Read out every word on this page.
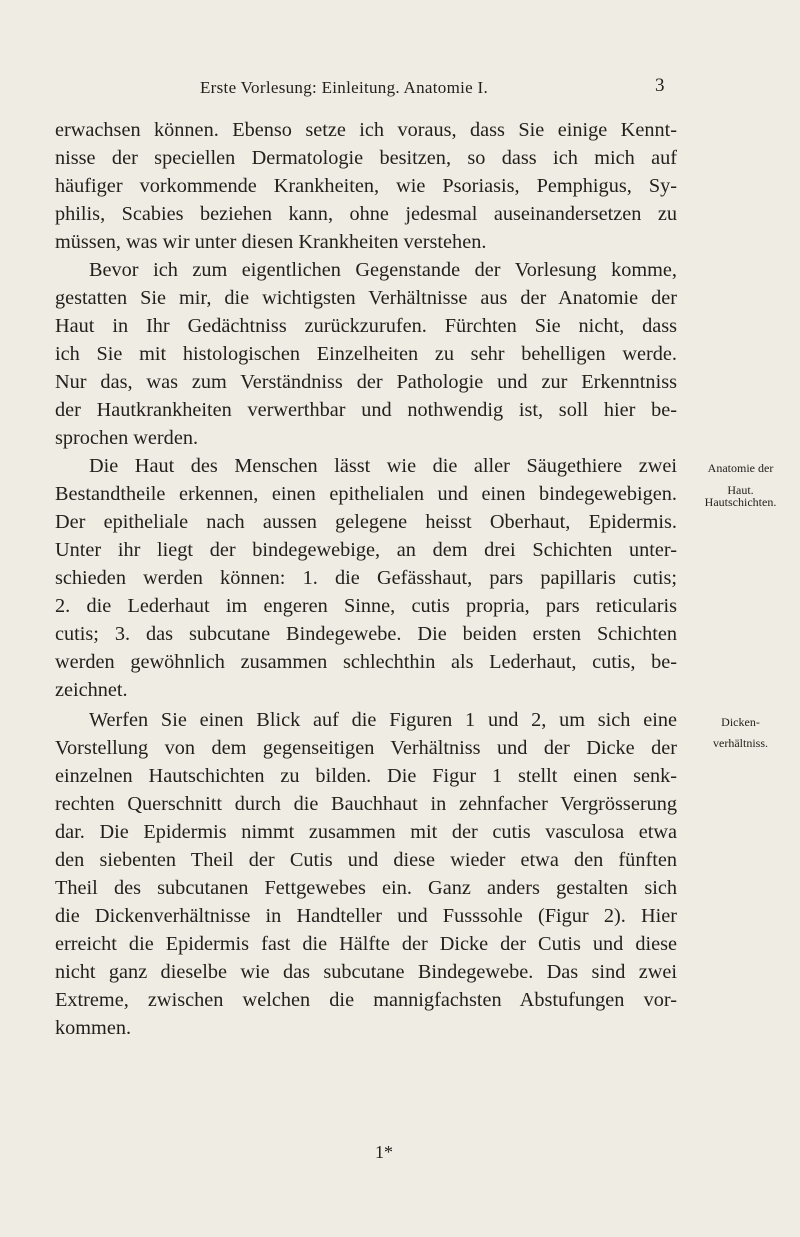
Erste Vorlesung: Einleitung. Anatomie I.	3
erwachsen können. Ebenso setze ich voraus, dass Sie einige Kennt-
nisse der speciellen Dermatologie besitzen, so dass ich mich auf
häufiger vorkommende Krankheiten, wie Psoriasis, Pemphigus, Sy-
philis, Scabies beziehen kann, ohne jedesmal auseinandersetzen zu
müssen, was wir unter diesen Krankheiten verstehen.
Bevor ich zum eigentlichen Gegenstande der Vorlesung komme,
gestatten Sie mir, die wichtigsten Verhältnisse aus der Anatomie der
Haut in Ihr Gedächtniss zurückzurufen. Fürchten Sie nicht, dass
ich Sie mit histologischen Einzelheiten zu sehr behelligen werde.
Nur das, was zum Verständniss der Pathologie und zur Erkenntniss
der Hautkrankheiten verwerthbar und nothwendig ist, soll hier be-
sprochen werden.
Die Haut des Menschen lässt wie die aller Säugethiere zwei
Bestandtheile erkennen, einen epithelialen und einen bindegewebigen.
Der epitheliale nach aussen gelegene heisst Oberhaut, Epidermis.
Unter ihr liegt der bindegewebige, an dem drei Schichten unter-
schieden werden können: 1. die Gefässhaut, pars papillaris cutis;
2. die Lederhaut im engeren Sinne, cutis propria, pars reticularis
cutis; 3. das subcutane Bindegewebe. Die beiden ersten Schichten
werden gewöhnlich zusammen schlechthin als Lederhaut, cutis, be-
zeichnet.
Werfen Sie einen Blick auf die Figuren 1 und 2, um sich eine
Vorstellung von dem gegenseitigen Verhältniss und der Dicke der
einzelnen Hautschichten zu bilden. Die Figur 1 stellt einen senk-
rechten Querschnitt durch die Bauchhaut in zehnfacher Vergrösserung
dar. Die Epidermis nimmt zusammen mit der cutis vasculosa etwa
den siebenten Theil der Cutis und diese wieder etwa den fünften
Theil des subcutanen Fettgewebes ein. Ganz anders gestalten sich
die Dickenverhältnisse in Handteller und Fusssohle (Figur 2). Hier
erreicht die Epidermis fast die Hälfte der Dicke der Cutis und diese
nicht ganz dieselbe wie das subcutane Bindegewebe. Das sind zwei
Extreme, zwischen welchen die mannigfachsten Abstufungen vor-
kommen.
Anatomie der
Haut.
Hautschichten.
Dicken-
verhältniss.
1*
